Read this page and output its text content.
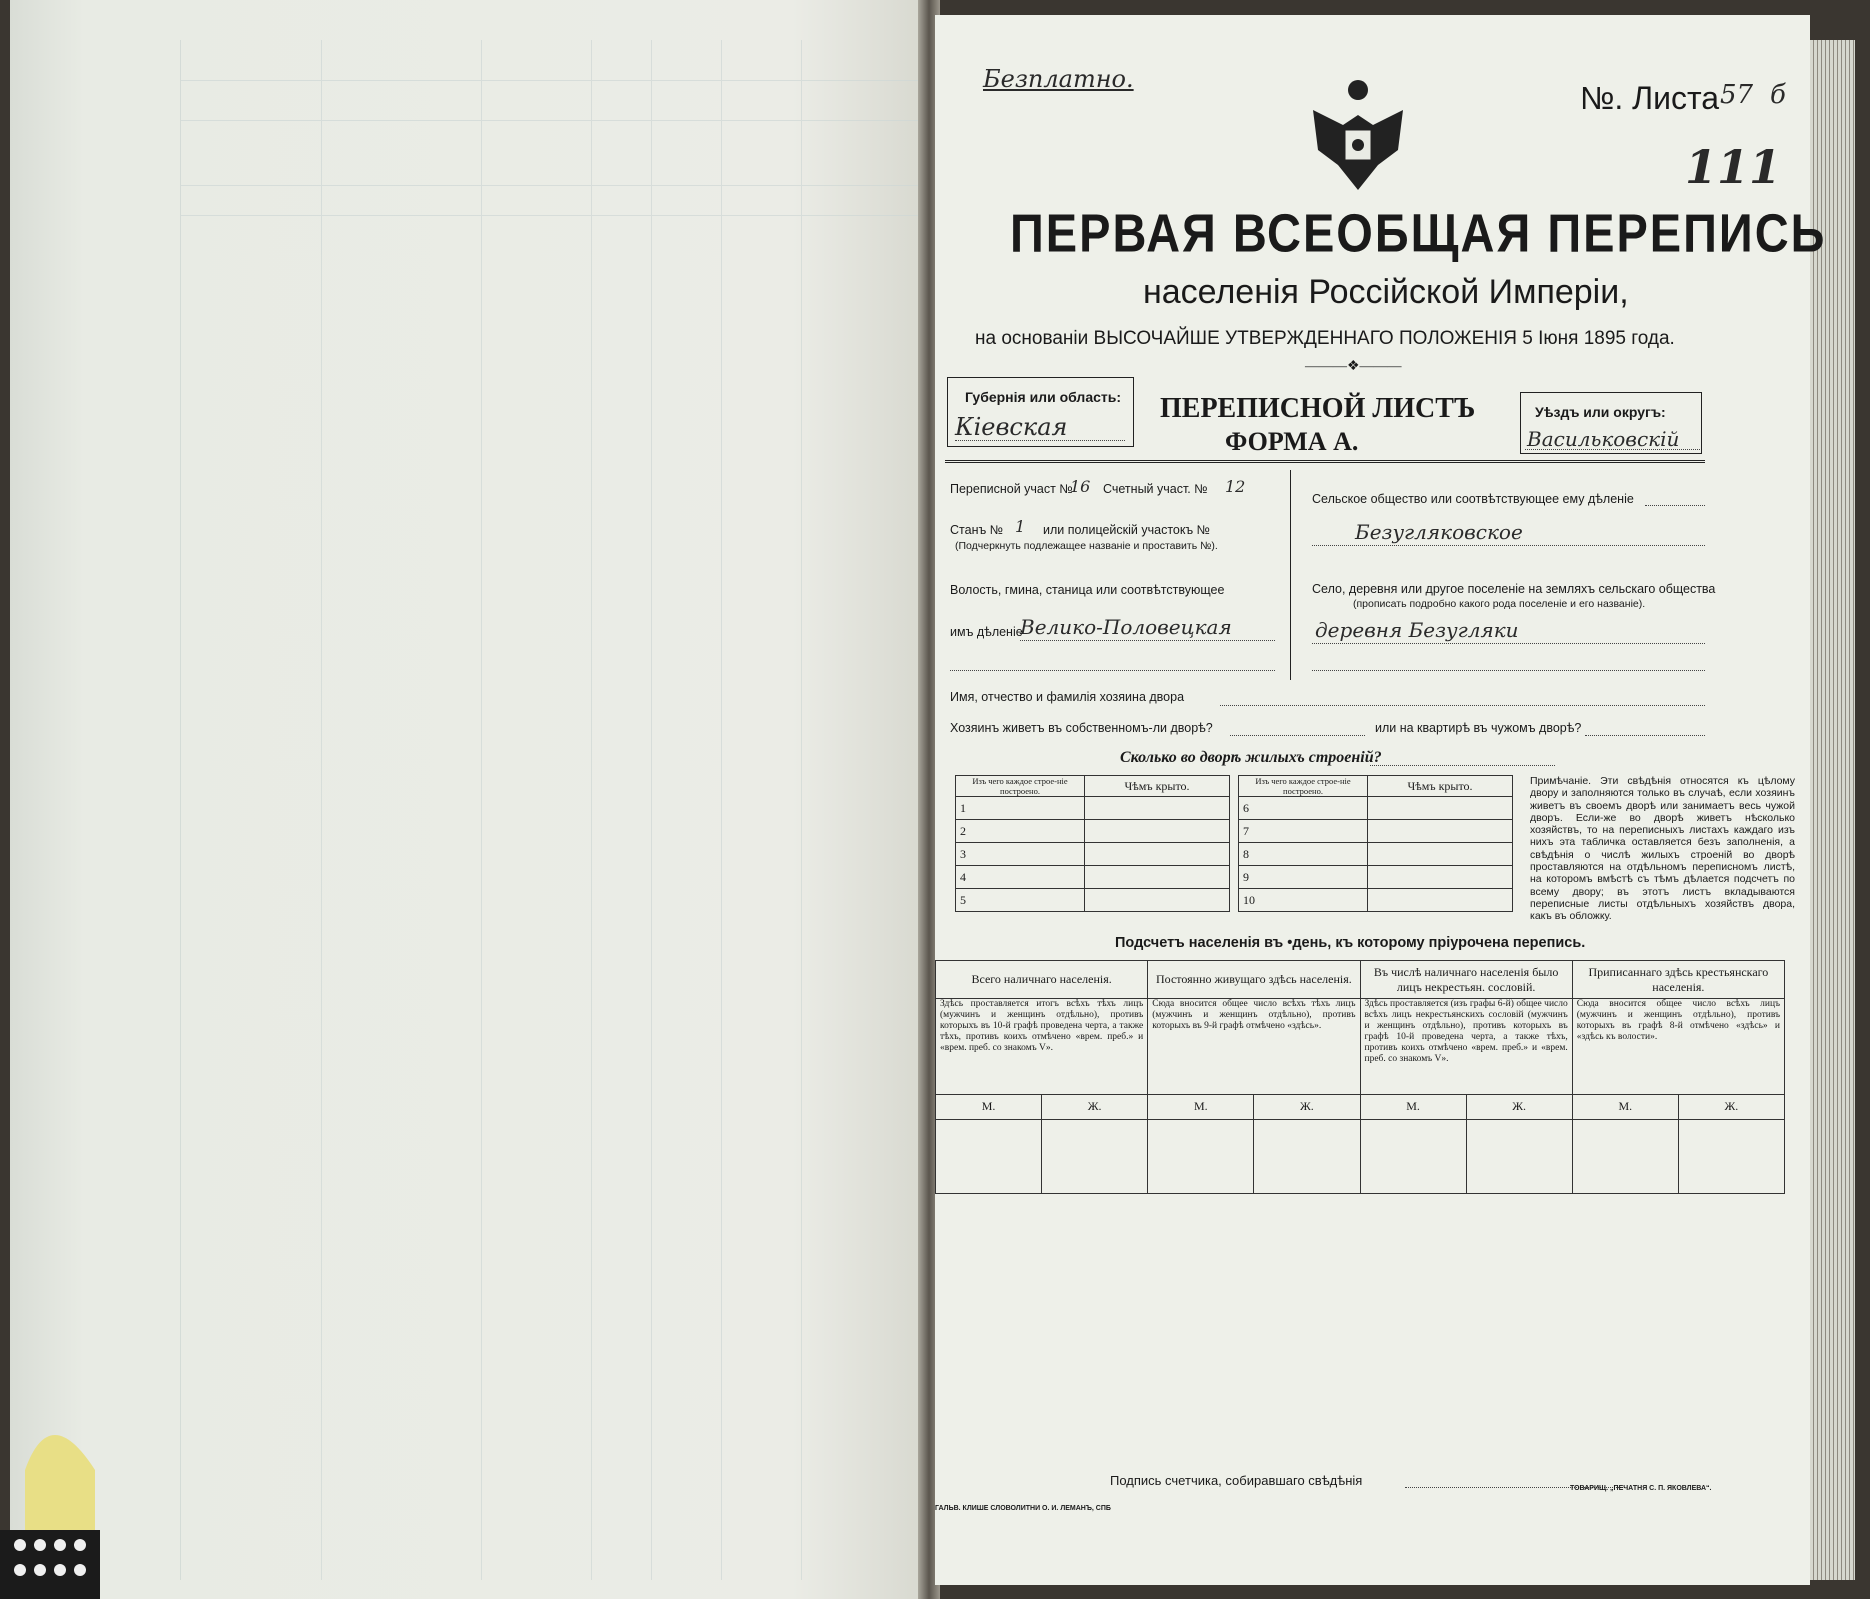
Безплатно.
№. Листа 57 б
111
ПЕРВАЯ ВСЕОБЩАЯ ПЕРЕПИСЬ
населенія Россійской Имперіи,
на основаніи ВЫСОЧАЙШЕ УТВЕРЖДЕННАГО ПОЛОЖЕНІЯ 5 Іюня 1895 года.
———❖———
Губернія или область:
Кіевская
ПЕРЕПИСНОЙ ЛИСТЪ
ФОРМА А.
Уѣздъ или округъ:
Васильковскій
Переписной участ №
16 Счетный участ. № 12
Станъ № 1 или полицейскій участокъ №
(Подчеркнуть подлежащее названіе и проставить №).
Волость, гмина, станица или соотвѣтствующее
имъ дѣленіе
Велико-Половецкая
Сельское общество или соотвѣтствующее ему дѣленіе
Безугляковское
Село, деревня или другое поселеніе на земляхъ сельскаго общества
(прописать подробно какого рода поселеніе и его названіе).
деревня Безугляки
Имя, отчество и фамилія хозяина двора
Хозяинъ живетъ въ собственномъ-ли дворѣ?	или на квартирѣ въ чужомъ дворѣ?
Сколько во дворѣ жилыхъ строеній?
Изъ чего каждое строе-ніе построено.	Чѣмъ крыто.
1	
2	
3	
4	
5	
Изъ чего каждое строе-ніе построено.	Чѣмъ крыто.
6	
7	
8	
9	
10	
Примѣчаніе. Эти свѣдѣнія относятся къ цѣлому двору и заполняются только въ случаѣ, если хозяинъ живетъ въ своемъ дворѣ или занимаетъ весь чужой дворъ. Если-же во дворѣ живетъ нѣсколько хозяйствъ, то на переписныхъ листахъ каждаго изъ нихъ эта табличка оставляется безъ заполненія, а свѣдѣнія о числѣ жилыхъ строеній во дворѣ проставляются на отдѣльномъ переписномъ листѣ, на которомъ вмѣстѣ съ тѣмъ дѣлается подсчетъ по всему двору; въ этотъ листъ вкладываются переписные листы отдѣльныхъ хозяйствъ двора, какъ въ обложку.
Подсчетъ населенія въ •день, къ которому пріурочена перепись.
Всего наличнаго населенія.		Постоянно живущаго здѣсь населенія.		Въ числѣ наличнаго населенія было лицъ некрестьян. сословій.		Приписаннаго здѣсь крестьянскаго населенія.	
Здѣсь проставляется итогъ всѣхъ тѣхъ лицъ (мужчинъ и женщинъ отдѣльно), противъ которыхъ въ 10-й графѣ проведена черта, а также тѣхъ, противъ коихъ отмѣчено «врем. преб.» и «врем. преб. со знакомъ V».		Сюда вносится общее число всѣхъ тѣхъ лицъ (мужчинъ и женщинъ отдѣльно), противъ которыхъ въ 9-й графѣ отмѣчено «здѣсь».		Здѣсь проставляется (изъ графы 6-й) общее число всѣхъ лицъ некрестьянскихъ сословій (мужчинъ и женщинъ отдѣльно), противъ которыхъ въ графѣ 10-й проведена черта, а также тѣхъ, противъ коихъ отмѣчено «врем. преб.» и «врем. преб. со знакомъ V».		Сюда вносится общее число всѣхъ лицъ (мужчинъ и женщинъ отдѣльно), противъ которыхъ въ графѣ 8-й отмѣчено «здѣсь» и «здѣсь къ волости».	
М.	Ж.	М.	Ж.	М.	Ж.	М.	Ж.

Подпись счетчика, собиравшаго свѣдѣнія
ТОВАРИЩ. „ПЕЧАТНЯ С. П. ЯКОВЛЕВА“.
ГАЛЬВ. КЛИШЕ СЛОВОЛИТНИ О. И. ЛЕМАНЪ, СПБ
